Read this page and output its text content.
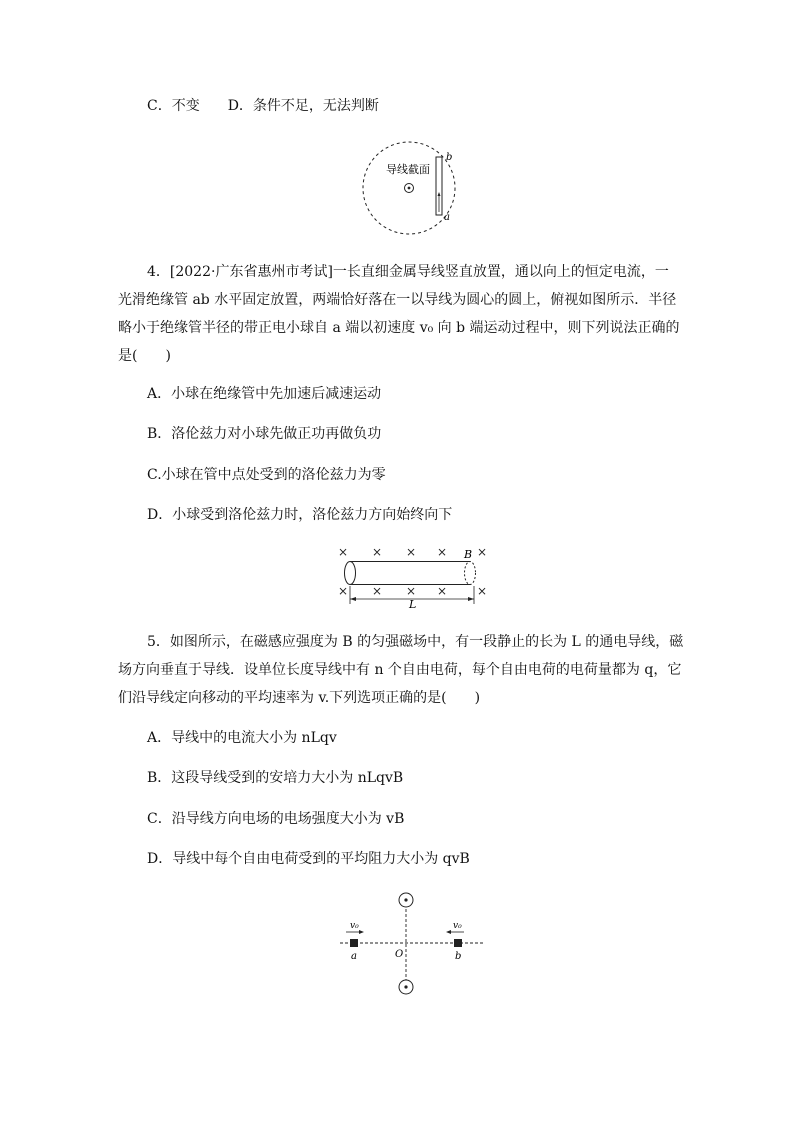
C．不变　　D．条件不足，无法判断
导线截面
b
a
4．[2022·广东省惠州市考试]一长直细金属导线竖直放置，通以向上的恒定电流，一
光滑绝缘管 ab 水平固定放置，两端恰好落在一以导线为圆心的圆上，俯视如图所示．半径
略小于绝缘管半径的带正电小球自 a 端以初速度 v₀ 向 b 端运动过程中，则下列说法正确的
是(　　)
A．小球在绝缘管中先加速后减速运动
B．洛伦兹力对小球先做正功再做负功
C.小球在管中点处受到的洛伦兹力为零
D．小球受到洛伦兹力时，洛伦兹力方向始终向下
× × × × ×
× × × × ×
B
L
5．如图所示，在磁感应强度为 B 的匀强磁场中，有一段静止的长为 L 的通电导线，磁
场方向垂直于导线．设单位长度导线中有 n 个自由电荷，每个自由电荷的电荷量都为 q，它
们沿导线定向移动的平均速率为 v.下列选项正确的是(　　)
A．导线中的电流大小为 nLqv
B．这段导线受到的安培力大小为 nLqvB
C．沿导线方向电场的电场强度大小为 vB
D．导线中每个自由电荷受到的平均阻力大小为 qvB
v₀	v₀
a	b
O
